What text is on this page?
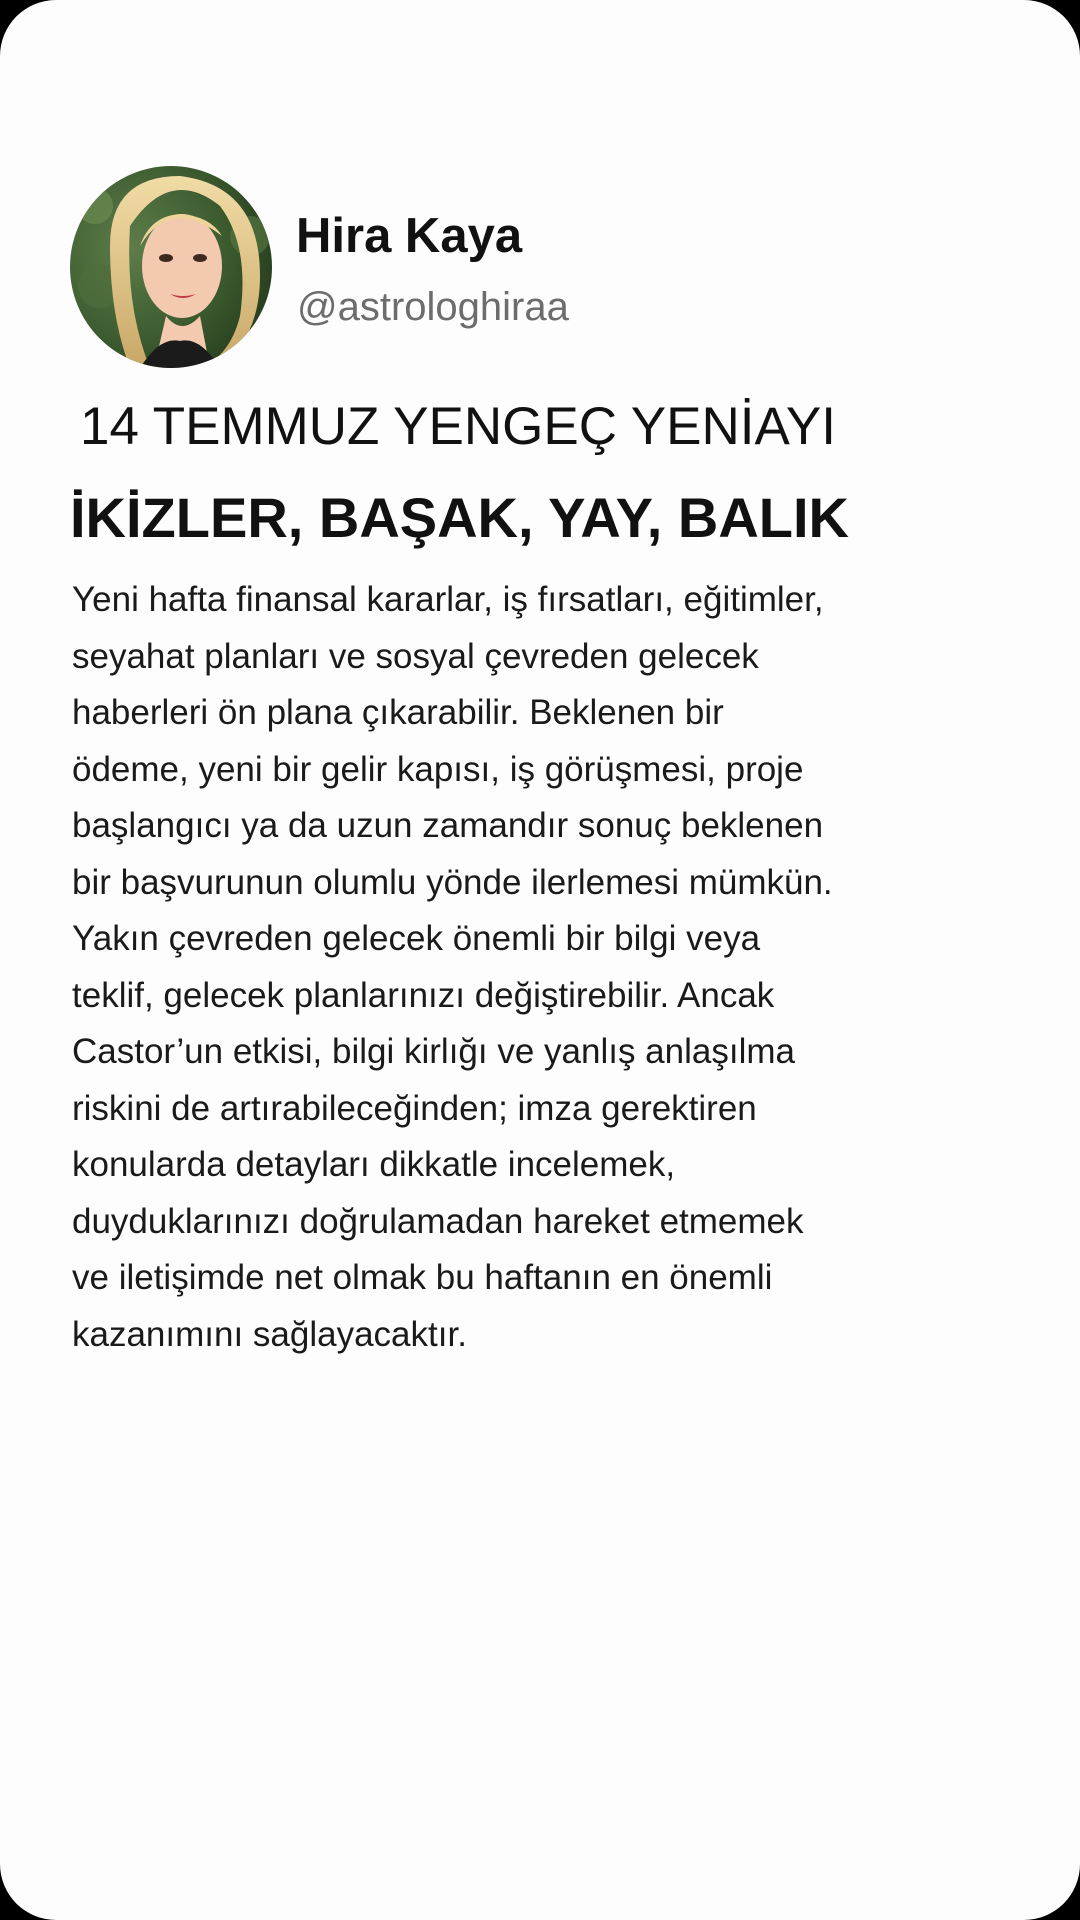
Hira Kaya
@astrologhiraa
14 TEMMUZ YENGEÇ YENİAYI
İKİZLER, BAŞAK, YAY, BALIK
Yeni hafta finansal kararlar, iş fırsatları, eğitimler,
seyahat planları ve sosyal çevreden gelecek
haberleri ön plana çıkarabilir. Beklenen bir
ödeme, yeni bir gelir kapısı, iş görüşmesi, proje
başlangıcı ya da uzun zamandır sonuç beklenen
bir başvurunun olumlu yönde ilerlemesi mümkün.
Yakın çevreden gelecek önemli bir bilgi veya
teklif, gelecek planlarınızı değiştirebilir. Ancak
Castor’un etkisi, bilgi kirlığı ve yanlış anlaşılma
riskini de artırabileceğinden; imza gerektiren
konularda detayları dikkatle incelemek,
duyduklarınızı doğrulamadan hareket etmemek
ve iletişimde net olmak bu haftanın en önemli
kazanımını sağlayacaktır.
